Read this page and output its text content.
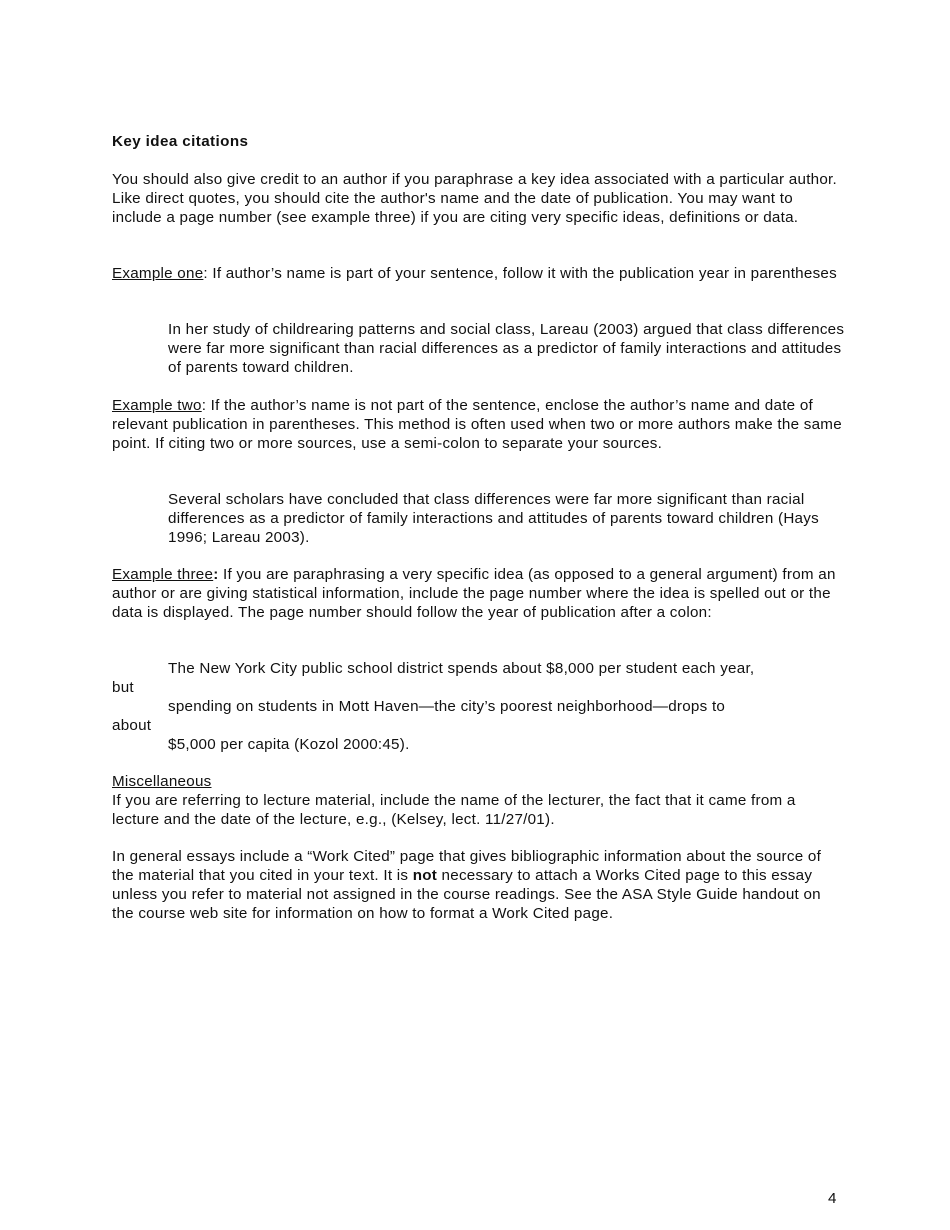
Key idea citations

You should also give credit to an author if you paraphrase a key idea associated with a particular author. Like direct quotes, you should cite the author's name and the date of publication. You may want to include a page number (see example three) if you are citing very specific ideas, definitions or data.

Example one: If author’s name is part of your sentence, follow it with the publication year in parentheses

In her study of childrearing patterns and social class, Lareau (2003) argued that class differences were far more significant than racial differences as a predictor of family interactions and attitudes of parents toward children.

Example two: If the author’s name is not part of the sentence, enclose the author’s name and date of relevant publication in parentheses. This method is often used when two or more authors make the same point. If citing two or more sources, use a semi-colon to separate your sources.

Several scholars have concluded that class differences were far more significant than racial differences as a predictor of family interactions and attitudes of parents toward children (Hays 1996; Lareau 2003).

Example three: If you are paraphrasing a very specific idea (as opposed to a general argument) from an author or are giving statistical information, include the page number where the idea is spelled out or the data is displayed. The page number should follow the year of publication after a colon:

The New York City public school district spends about $8,000 per student each year,

but

spending on students in Mott Haven—the city’s poorest neighborhood—drops to

about

$5,000 per capita (Kozol 2000:45).

Miscellaneous

If you are referring to lecture material, include the name of the lecturer, the fact that it came from a lecture and the date of the lecture, e.g., (Kelsey, lect. 11/27/01).

In general essays include a “Work Cited” page that gives bibliographic information about the source of the material that you cited in your text. It is not necessary to attach a Works Cited page to this essay unless you refer to material not assigned in the course readings. See the ASA Style Guide handout on the course web site for information on how to format a Work Cited page.

4
